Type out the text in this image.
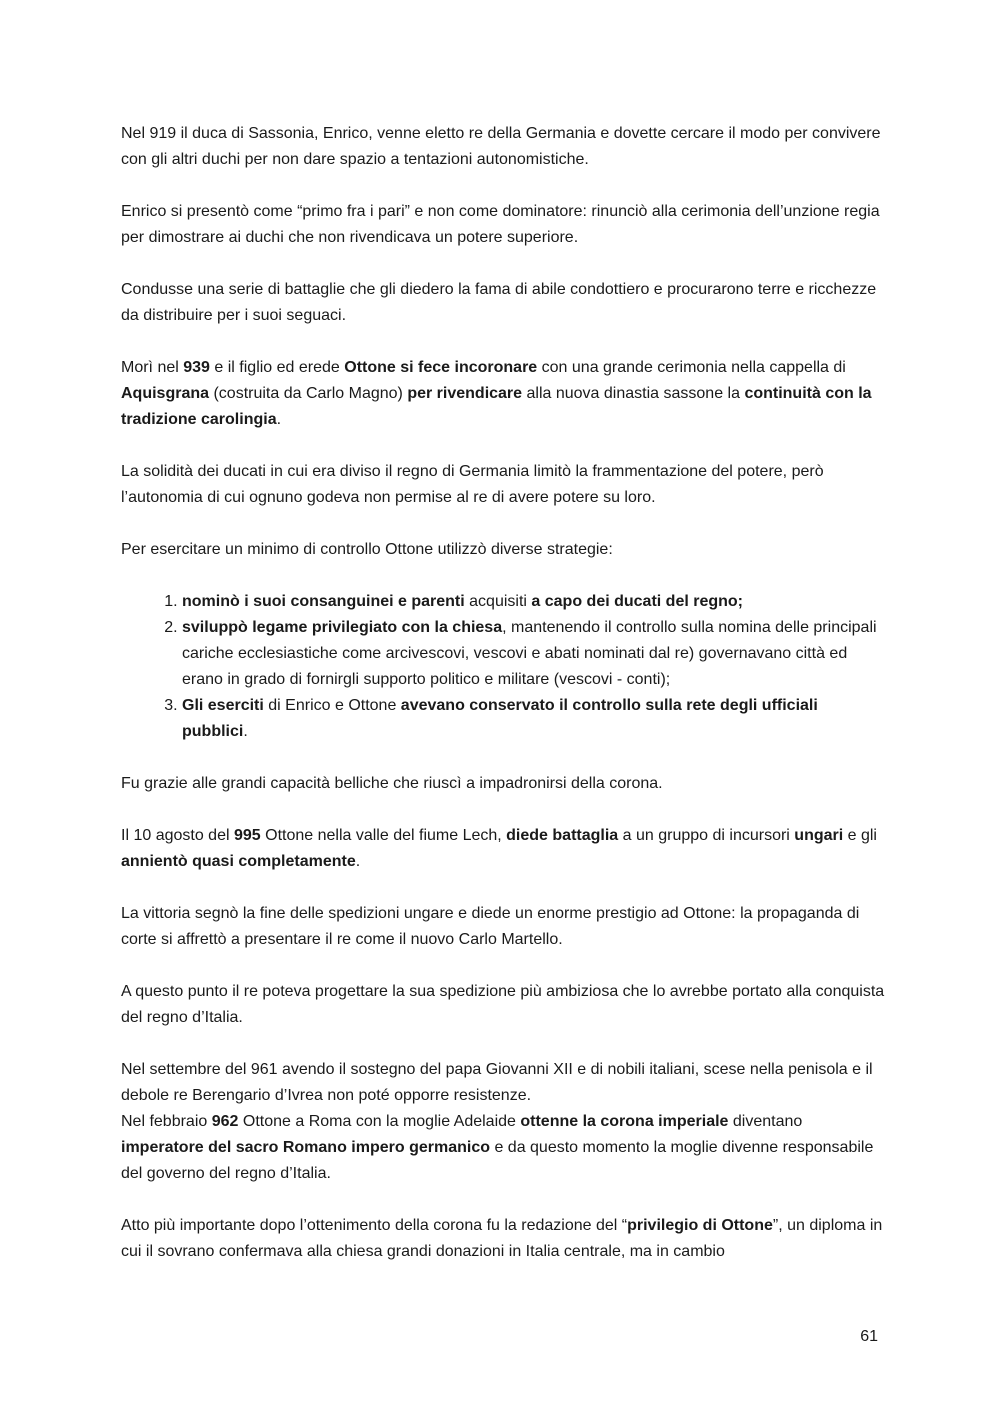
Nel 919 il duca di Sassonia, Enrico, venne eletto re della Germania e dovette cercare il modo per convivere con gli altri duchi per non dare spazio a tentazioni autonomistiche.

Enrico si presentò come “primo fra i pari” e non come dominatore: rinunciò alla cerimonia dell’unzione regia per dimostrare ai duchi che non rivendicava un potere superiore.

Condusse una serie di battaglie che gli diedero la fama di abile condottiero e procurarono terre e ricchezze da distribuire per i suoi seguaci.

Morì nel 939 e il figlio ed erede Ottone si fece incoronare con una grande cerimonia nella cappella di Aquisgrana (costruita da Carlo Magno) per rivendicare alla nuova dinastia sassone la continuità con la tradizione carolingia.

La solidità dei ducati in cui era diviso il regno di Germania limitò la frammentazione del potere, però l’autonomia di cui ognuno godeva non permise al re di avere potere su loro.

Per esercitare un minimo di controllo Ottone utilizzò diverse strategie:

1. nominò i suoi consanguinei e parenti acquisiti a capo dei ducati del regno;
2. sviluppò legame privilegiato con la chiesa, mantenendo il controllo sulla nomina delle principali cariche ecclesiastiche come arcivescovi, vescovi e abati nominati dal re) governavano città ed erano in grado di fornirgli supporto politico e militare (vescovi - conti);
3. Gli eserciti di Enrico e Ottone avevano conservato il controllo sulla rete degli ufficiali pubblici.

Fu grazie alle grandi capacità belliche che riuscì a impadronirsi della corona.

Il 10 agosto del 995 Ottone nella valle del fiume Lech, diede battaglia a un gruppo di incursori ungari e gli annientò quasi completamente.

La vittoria segnò la fine delle spedizioni ungare e diede un enorme prestigio ad Ottone: la propaganda di corte si affrettò a presentare il re come il nuovo Carlo Martello.

A questo punto il re poteva progettare la sua spedizione più ambiziosa che lo avrebbe portato alla conquista del regno d’Italia.

Nel settembre del 961 avendo il sostegno del papa Giovanni XII e di nobili italiani, scese nella penisola e il debole re Berengario d’Ivrea non poté opporre resistenze.

Nel febbraio 962 Ottone a Roma con la moglie Adelaide ottenne la corona imperiale diventano imperatore del sacro Romano impero germanico e da questo momento la moglie divenne responsabile del governo del regno d’Italia.

Atto più importante dopo l’ottenimento della corona fu la redazione del “privilegio di Ottone”, un diploma in cui il sovrano confermava alla chiesa grandi donazioni in Italia centrale, ma in cambio

61
